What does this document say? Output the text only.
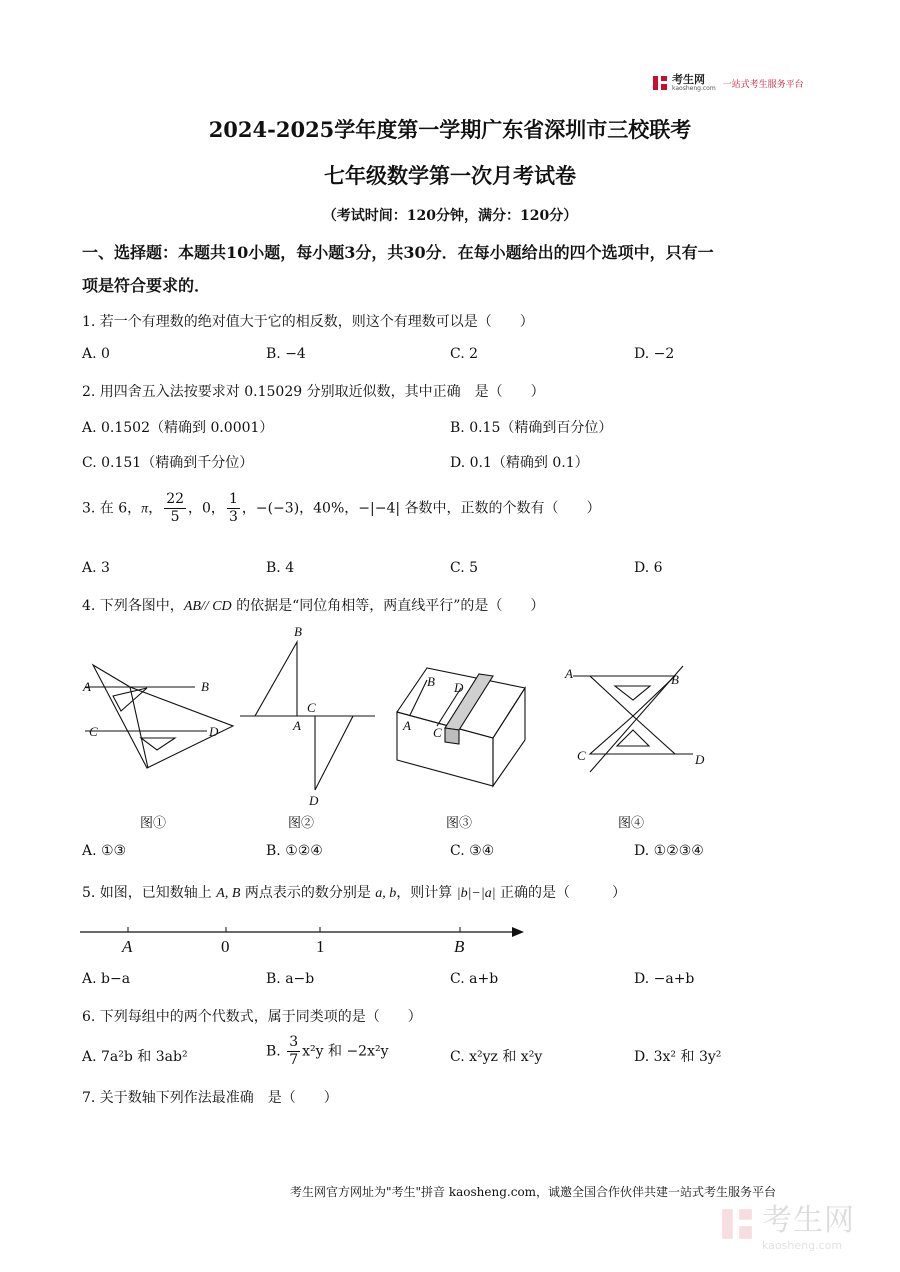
考生网
kaosheng.com 一站式考生服务平台
2024-2025学年度第一学期广东省深圳市三校联考
七年级数学第一次月考试卷
（考试时间：120分钟，满分：120分）
一、选择题：本题共10小题，每小题3分，共30分．在每小题给出的四个选项中，只有一
项是符合要求的．
1. 若一个有理数的绝对值大于它的相反数，则这个有理数可以是（　　）
A. 0	B. −4	C. 2	D. −2
2. 用四舍五入法按要求对 0.15029 分别取近似数，其中正确　是（　　）
A. 0.1502（精确到 0.0001）	B. 0.15（精确到百分位）
C. 0.151（精确到千分位）	D. 0.1（精确到 0.1）
3. 在 6，π， $\frac{22}{5}$ ，0， $\frac{1}{3}$ ，−(−3)，40%，−|−4| 各数中，正数的个数有（　　）
A. 3	B. 4	C. 5	D. 6
4. 下列各图中，AB// CD 的依据是“同位角相等，两直线平行”的是（　　）
A	B
C	D
B
C
A
D
B D
A C
A	B
C	D
图①	图②	图③	图④
A. ①③	B. ①②④	C. ③④	D. ①②③④
5. 如图，已知数轴上 A, B 两点表示的数分别是 a, b，则计算 |b|−|a| 正确的是（　　　）
A	0	1	B
A. b−a	B. a−b	C. a+b	D. −a+b
6. 下列每组中的两个代数式，属于同类项的是（　　）
A. 7a²b 和 3ab²	B. $\frac{3}{7} x^2y$ 和 −2x²y	C. x²yz 和 x²y	D. 3x² 和 3y²
7. 关于数轴下列作法最准确　是（　　）
考生网官方网址为"考生"拼音 kaosheng.com，诚邀全国合作伙伴共建一站式考生服务平台
考生网
kaosheng.com
